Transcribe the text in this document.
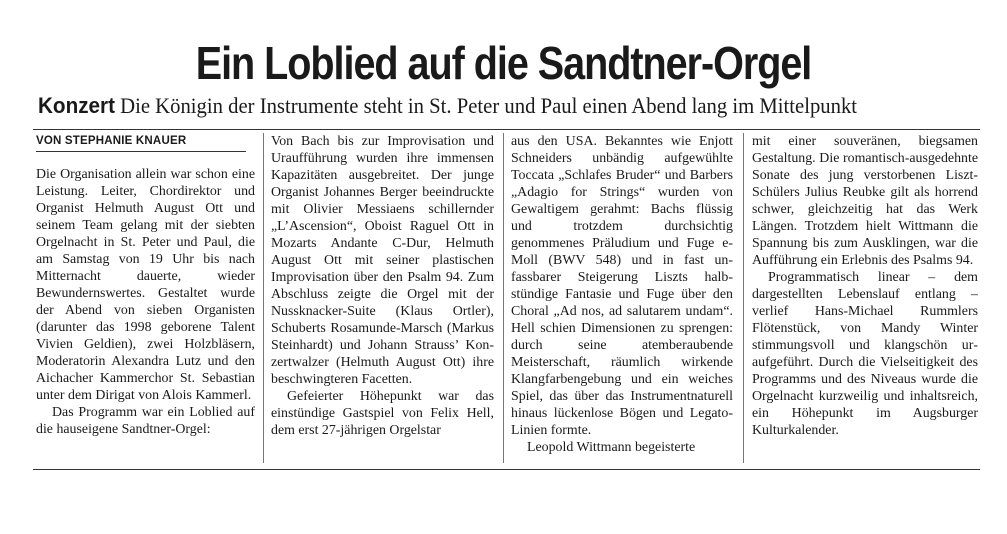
Ein Loblied auf die Sandtner-Orgel
Konzert Die Königin der Instrumente steht in St. Peter und Paul einen Abend lang im Mittelpunkt
VON STEPHANIE KNAUER

Die Organisation allein war schon eine Leistung. Leiter, Chordirektor und Organist Helmuth August Ott und seinem Team gelang mit der siebten Orgelnacht in St. Peter und Paul, die am Samstag von 19 Uhr bis nach Mitternacht dauerte, wieder Bewundernswertes. Gestaltet wurde der Abend von sieben Organisten (darunter das 1998 geborene Talent Vivien Geldien), zwei Holzbläsern, Moderatorin Alexandra Lutz und den Aichacher Kammerchor St. Sebastian unter dem Dirigat von Alois Kammerl.

Das Programm war ein Loblied auf die hauseigene Sandtner-Orgel:

Von Bach bis zur Improvisation und Uraufführung wurden ihre immensen Kapazitäten ausgebreitet. Der junge Organist Johannes Berger beeindruckte mit Olivier Messiaens schillernder „L’Ascension“, Oboist Raguel Ott in Mozarts Andante C-Dur, Helmuth August Ott mit seiner plastischen Improvisation über den Psalm 94. Zum Abschluss zeigte die Orgel mit der Nussknacker-Suite (Klaus Ortler), Schuberts Rosamunde-Marsch (Markus Steinhardt) und Johann Strauss’ Konzertwalzer (Helmuth August Ott) ihre beschwingteren Facetten.

Gefeierter Höhepunkt war das einstündige Gastspiel von Felix Hell, dem erst 27-jährigen Orgelstar

aus den USA. Bekanntes wie Enjott Schneiders unbändig aufgewühlte Toccata „Schlafes Bruder“ und Barbers „Adagio for Strings“ wurden von Gewaltigem gerahmt: Bachs flüssig und trotzdem durchsichtig genommenes Präludium und Fuge e-Moll (BWV 548) und in fast unfassbarer Steigerung Liszts halbstündige Fantasie und Fuge über den Choral „Ad nos, ad salutarem undam“. Hell schien Dimensionen zu sprengen: durch seine atemberaubende Meisterschaft, räumlich wirkende Klangfarbengebung und ein weiches Spiel, das über das Instrumentnaturell hinaus lückenlose Bögen und Legato-Linien formte.

Leopold Wittmann begeisterte

mit einer souveränen, biegsamen Gestaltung. Die romantisch-ausgedehnte Sonate des jung verstorbenen Liszt-Schülers Julius Reubke gilt als horrend schwer, gleichzeitig hat das Werk Längen. Trotzdem hielt Wittmann die Spannung bis zum Ausklingen, war die Aufführung ein Erlebnis des Psalms 94.

Programmatisch linear – dem dargestellten Lebenslauf entlang – verlief Hans-Michael Rummlers Flötenstück, von Mandy Winter stimmungsvoll und klangschön uraufgeführt. Durch die Vielseitigkeit des Programms und des Niveaus wurde die Orgelnacht kurzweilig und inhaltsreich, ein Höhepunkt im Augsburger Kulturkalender.
